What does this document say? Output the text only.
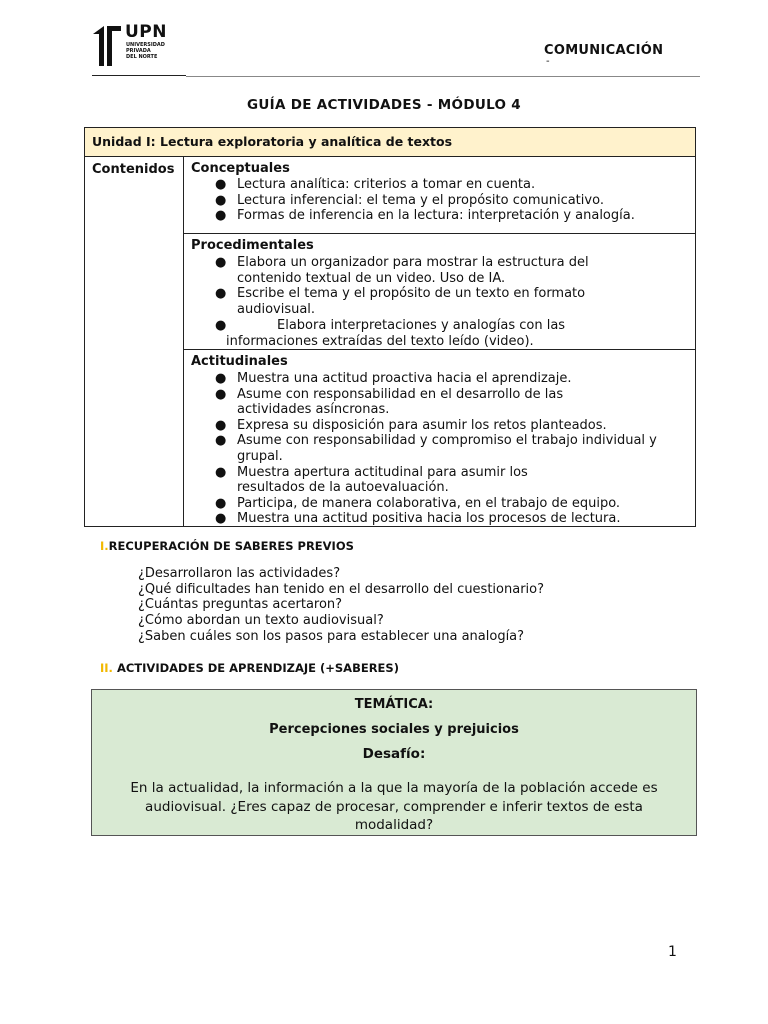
UPN
UNIVERSIDAD
PRIVADA
DEL NORTE	COMUNICACIÓN
-
GUÍA DE ACTIVIDADES - MÓDULO 4
Unidad I: Lectura exploratoria y analítica de textos
Contenidos Conceptuales
● Lectura analítica: criterios a tomar en cuenta.
● Lectura inferencial: el tema y el propósito comunicativo.
● Formas de inferencia en la lectura: interpretación y analogía.
Procedimentales
● Elabora un organizador para mostrar la estructura del contenido textual de un video. Uso de IA.
● Escribe el tema y el propósito de un texto en formato audiovisual.
●	Elabora interpretaciones y analogías con las
informaciones extraídas del texto leído (video).
Actitudinales
● Muestra una actitud proactiva hacia el aprendizaje.
● Asume con responsabilidad en el desarrollo de las actividades asíncronas.
● Expresa su disposición para asumir los retos planteados.
● Asume con responsabilidad y compromiso el trabajo individual y grupal.
● Muestra apertura actitudinal para asumir los resultados de la autoevaluación.
● Participa, de manera colaborativa, en el trabajo de equipo.
● Muestra una actitud positiva hacia los procesos de lectura.
I.RECUPERACIÓN DE SABERES PREVIOS
¿Desarrollaron las actividades?
¿Qué dificultades han tenido en el desarrollo del cuestionario?
¿Cuántas preguntas acertaron?
¿Cómo abordan un texto audiovisual?
¿Saben cuáles son los pasos para establecer una analogía?
II. ACTIVIDADES DE APRENDIZAJE (+SABERES)
TEMÁTICA:
Percepciones sociales y prejuicios
Desafío:
En la actualidad, la información a la que la mayoría de la población accede es audiovisual. ¿Eres capaz de procesar, comprender e inferir textos de esta modalidad?
1
